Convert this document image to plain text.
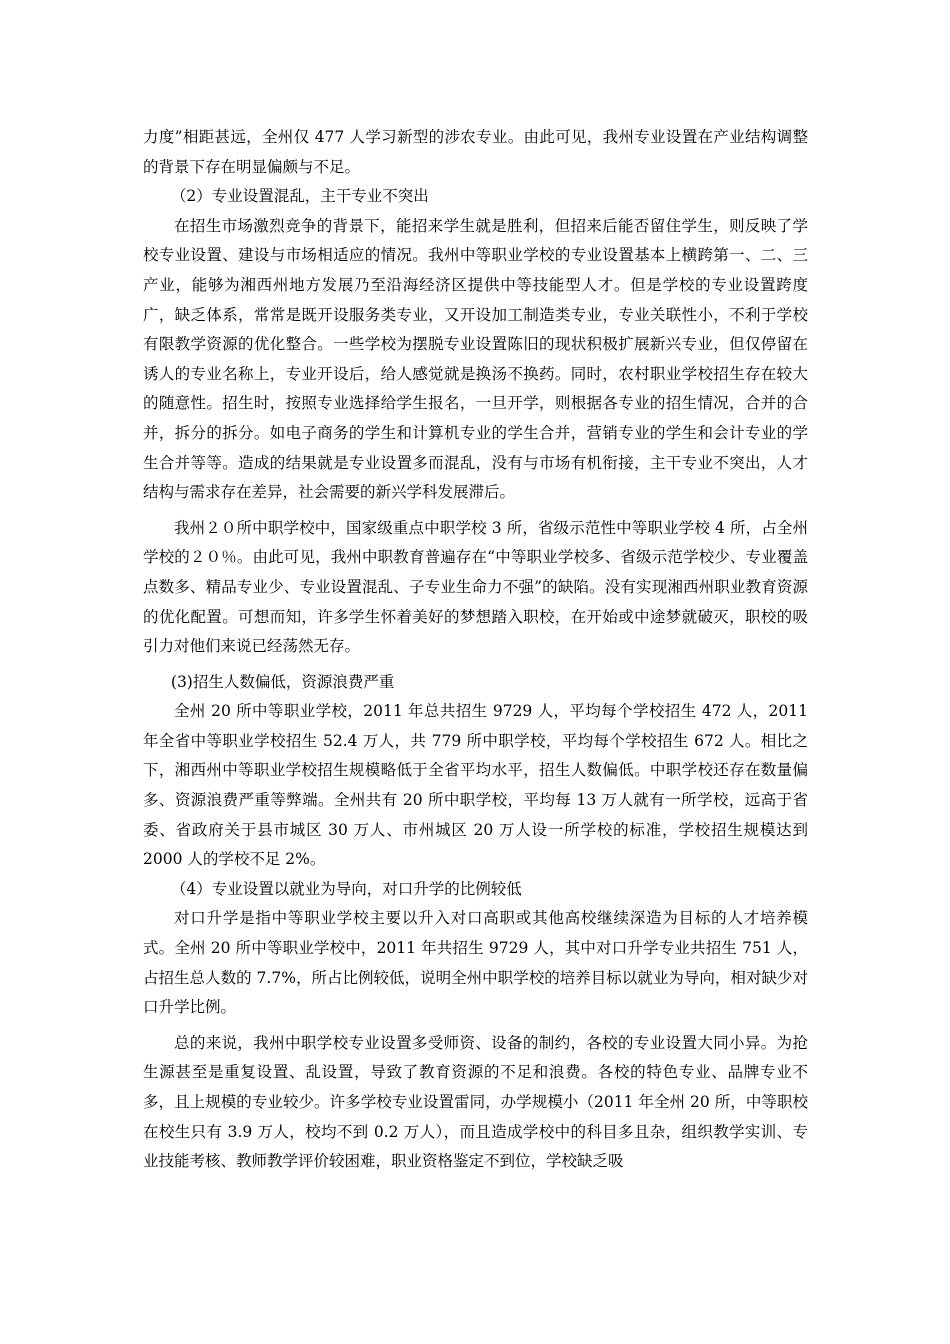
力度”相距甚远，全州仅 477 人学习新型的涉农专业。由此可见，我州专业设置在产业结构调整的背景下存在明显偏颇与不足。

（2）专业设置混乱，主干专业不突出

在招生市场激烈竞争的背景下，能招来学生就是胜利，但招来后能否留住学生，则反映了学校专业设置、建设与市场相适应的情况。我州中等职业学校的专业设置基本上横跨第一、二、三产业，能够为湘西州地方发展乃至沿海经济区提供中等技能型人才。但是学校的专业设置跨度广，缺乏体系，常常是既开设服务类专业，又开设加工制造类专业，专业关联性小，不利于学校有限教学资源的优化整合。一些学校为摆脱专业设置陈旧的现状积极扩展新兴专业，但仅停留在诱人的专业名称上，专业开设后，给人感觉就是换汤不换药。同时，农村职业学校招生存在较大的随意性。招生时，按照专业选择给学生报名，一旦开学，则根据各专业的招生情况，合并的合并，拆分的拆分。如电子商务的学生和计算机专业的学生合并，营销专业的学生和会计专业的学生合并等等。造成的结果就是专业设置多而混乱，没有与市场有机衔接，主干专业不突出，人才结构与需求存在差异，社会需要的新兴学科发展滞后。

我州２０所中职学校中，国家级重点中职学校 3 所，省级示范性中等职业学校 4 所，占全州学校的２０％。由此可见，我州中职教育普遍存在“中等职业学校多、省级示范学校少、专业覆盖点数多、精品专业少、专业设置混乱、子专业生命力不强”的缺陷。没有实现湘西州职业教育资源的优化配置。可想而知，许多学生怀着美好的梦想踏入职校，在开始或中途梦就破灭，职校的吸引力对他们来说已经荡然无存。

(3)招生人数偏低，资源浪费严重

全州 20 所中等职业学校，2011 年总共招生 9729 人，平均每个学校招生 472 人，2011 年全省中等职业学校招生 52.4 万人，共 779 所中职学校，平均每个学校招生 672 人。相比之下，湘西州中等职业学校招生规模略低于全省平均水平，招生人数偏低。中职学校还存在数量偏多、资源浪费严重等弊端。全州共有 20 所中职学校，平均每 13 万人就有一所学校，远高于省委、省政府关于县市城区 30 万人、市州城区 20 万人设一所学校的标准，学校招生规模达到 2000 人的学校不足 2%。

（4）专业设置以就业为导向，对口升学的比例较低

对口升学是指中等职业学校主要以升入对口高职或其他高校继续深造为目标的人才培养模式。全州 20 所中等职业学校中，2011 年共招生 9729 人，其中对口升学专业共招生 751 人，占招生总人数的 7.7%，所占比例较低，说明全州中职学校的培养目标以就业为导向，相对缺少对口升学比例。

总的来说，我州中职学校专业设置多受师资、设备的制约，各校的专业设置大同小异。为抢生源甚至是重复设置、乱设置，导致了教育资源的不足和浪费。各校的特色专业、品牌专业不多，且上规模的专业较少。许多学校专业设置雷同，办学规模小（2011 年全州 20 所，中等职校在校生只有 3.9 万人，校均不到 0.2 万人），而且造成学校中的科目多且杂，组织教学实训、专业技能考核、教师教学评价较困难，职业资格鉴定不到位，学校缺乏吸
